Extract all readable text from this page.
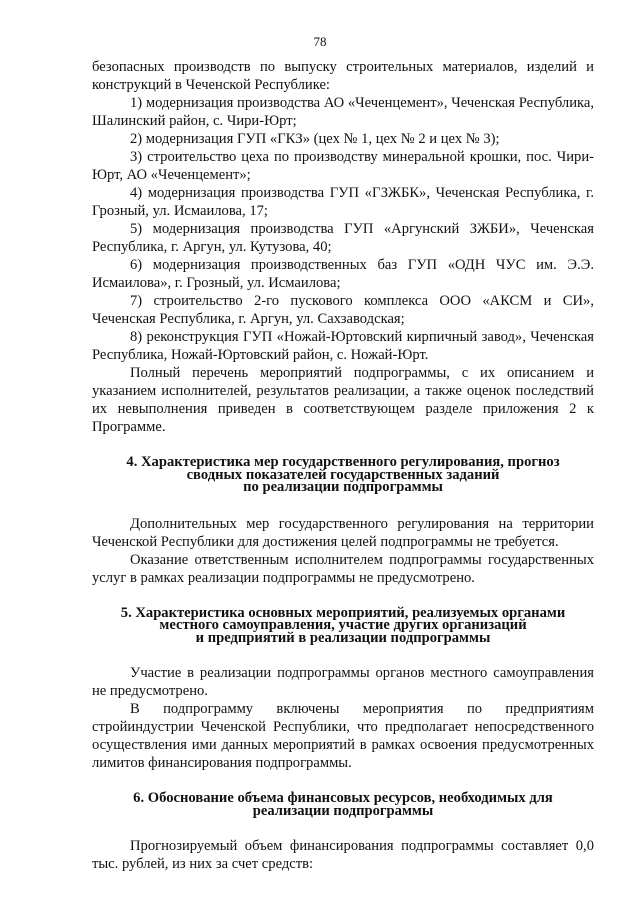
78

безопасных производств по выпуску строительных материалов, изделий и конструкций в Чеченской Республике:

1) модернизация производства АО «Чеченцемент», Чеченская Республика, Шалинский район, с. Чири-Юрт;

2) модернизация ГУП «ГКЗ» (цех № 1, цех № 2 и цех № 3);

3) строительство цеха по производству минеральной крошки, пос. Чири-Юрт, АО «Чеченцемент»;

4) модернизация производства ГУП «ГЗЖБК», Чеченская Республика, г. Грозный, ул. Исмаилова, 17;

5) модернизация производства ГУП «Аргунский ЗЖБИ», Чеченская Республика, г. Аргун, ул. Кутузова, 40;

6) модернизация производственных баз ГУП «ОДН ЧУС им. Э.Э. Исмаилова», г. Грозный, ул. Исмаилова;

7) строительство 2-го пускового комплекса ООО «АКСМ и СИ», Чеченская Республика, г. Аргун, ул. Сахзаводская;

8) реконструкция ГУП «Ножай-Юртовский кирпичный завод», Чеченская Республика, Ножай-Юртовский район, с. Ножай-Юрт.

Полный перечень мероприятий подпрограммы, с их описанием и указанием исполнителей, результатов реализации, а также оценок последствий их невыполнения приведен в соответствующем разделе приложения 2 к Программе.

4. Характеристика мер государственного регулирования, прогноз
сводных показателей государственных заданий
по реализации подпрограммы

Дополнительных мер государственного регулирования на территории Чеченской Республики для достижения целей подпрограммы не требуется.

Оказание ответственным исполнителем подпрограммы государственных услуг в рамках реализации подпрограммы не предусмотрено.

5. Характеристика основных мероприятий, реализуемых органами
местного самоуправления, участие других организаций
и предприятий в реализации подпрограммы

Участие в реализации подпрограммы органов местного самоуправления не предусмотрено.

В подпрограмму включены мероприятия по предприятиям стройиндустрии Чеченской Республики, что предполагает непосредственного осуществления ими данных мероприятий в рамках освоения предусмотренных лимитов финансирования подпрограммы.

6. Обоснование объема финансовых ресурсов, необходимых для
реализации подпрограммы

Прогнозируемый объем финансирования подпрограммы составляет 0,0 тыс. рублей, из них за счет средств:
